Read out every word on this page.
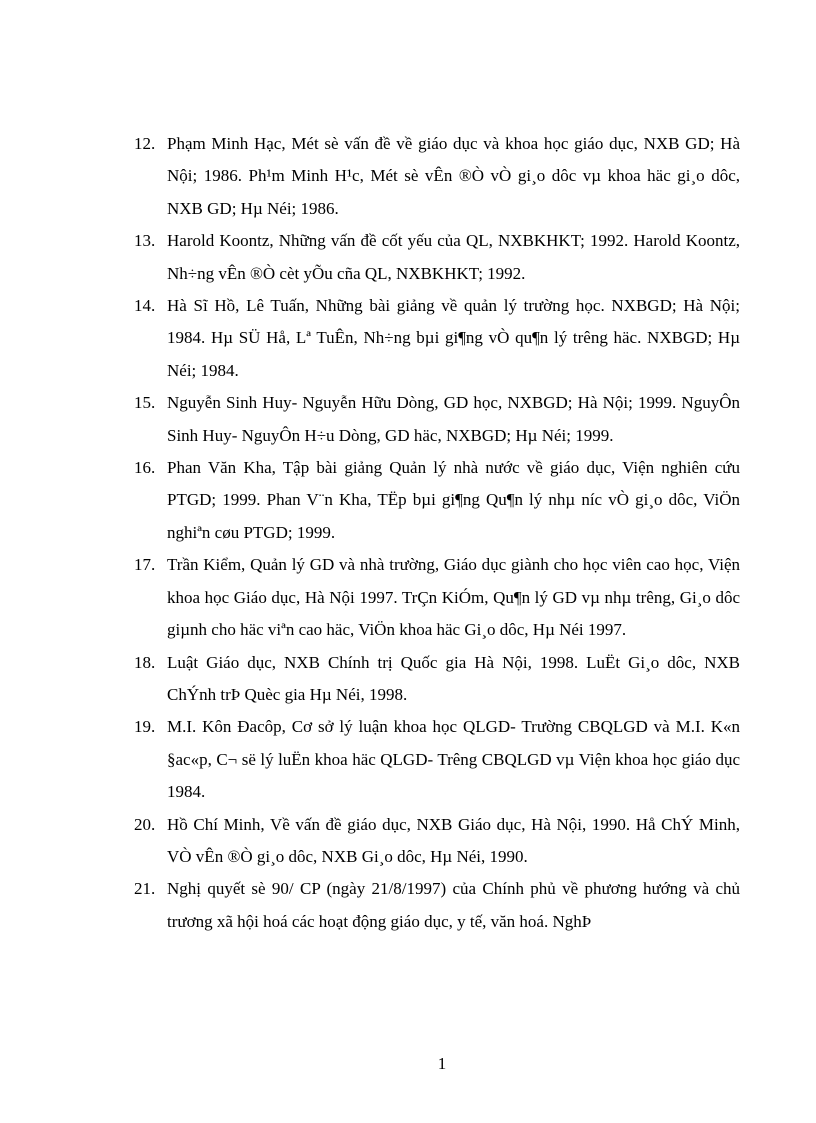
12. Phạm Minh Hạc, Mét sè vấn đề về giáo dục và khoa học giáo dục, NXB GD; Hà Nội; 1986. Ph¹m Minh H¹c, Mét sè vÊn ®Ò vÒ gi¸o dôc vµ khoa häc gi¸o dôc, NXB GD; Hµ Néi; 1986.
13. Harold Koontz, Những vấn đề cốt yếu của QL, NXBKHKT; 1992. Harold Koontz, Nh÷ng vÊn ®Ò cèt yÕu cña QL, NXBKHKT; 1992.
14. Hà Sĩ Hồ, Lê Tuấn, Những bài giảng về quản lý trường học. NXBGD; Hà Nội; 1984. Hµ SÜ Hå, Lª TuÊn, Nh÷ng bµi gi¶ng vÒ qu¶n lý trêng häc. NXBGD; Hµ Néi; 1984.
15. Nguyễn Sinh Huy- Nguyễn Hữu Dòng, GD học, NXBGD; Hà Nội; 1999. NguyÔn Sinh Huy- NguyÔn H÷u Dòng, GD häc, NXBGD; Hµ Néi; 1999.
16. Phan Văn Kha, Tập bài giảng Quản lý nhà nước về giáo dục, Viện nghiên cứu PTGD; 1999. Phan V¨n Kha, TËp bµi gi¶ng Qu¶n lý nhµ níc vÒ gi¸o dôc, ViÖn nghiªn cøu PTGD; 1999.
17. Trần Kiểm, Quản lý GD và nhà trường, Giáo dục giành cho học viên cao học, Viện khoa học Giáo dục, Hà Nội 1997. TrÇn KiÓm, Qu¶n lý GD vµ nhµ trêng, Gi¸o dôc giµnh cho häc viªn cao häc, ViÖn khoa häc Gi¸o dôc, Hµ Néi 1997.
18. Luật Giáo dục, NXB Chính trị Quốc gia Hà Nội, 1998. LuËt Gi¸o dôc, NXB ChÝnh trÞ Quèc gia Hµ Néi, 1998.
19. M.I. Kôn Đacôp, Cơ sở lý luận khoa học QLGD- Trường CBQLGD và M.I. K«n §ac«p, C¬ së lý luËn khoa häc QLGD- Trêng CBQLGD vµ Viện khoa học giáo dục 1984.
20. Hồ Chí Minh, Về vấn đề giáo dục, NXB Giáo dục, Hà Nội, 1990. Hå ChÝ Minh, VÒ vÊn ®Ò gi¸o dôc, NXB Gi¸o dôc, Hµ Néi, 1990.
21. Nghị quyết sè 90/ CP (ngày 21/8/1997) của Chính phủ về phương hướng và chủ trương xã hội hoá các hoạt động giáo dục, y tế, văn hoá. NghÞ
1
